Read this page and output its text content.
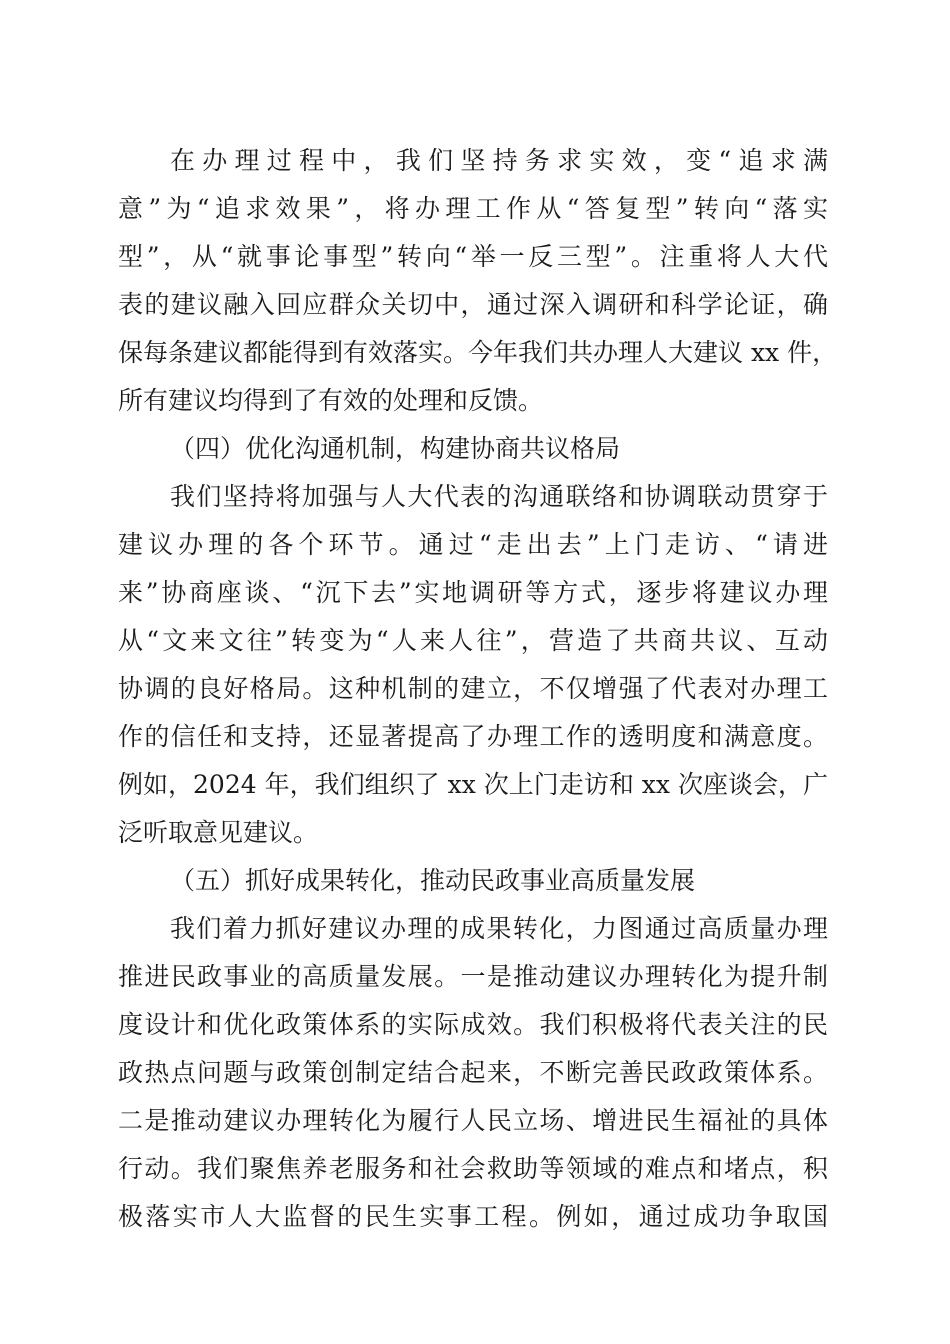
在办理过程中，我们坚持务求实效，变“追求满
意”为“追求效果”，将办理工作从“答复型”转向“落实
型”，从“就事论事型”转向“举一反三型”。注重将人大代
表的建议融入回应群众关切中，通过深入调研和科学论证，确
保每条建议都能得到有效落实。今年我们共办理人大建议 xx 件，
所有建议均得到了有效的处理和反馈。
（四）优化沟通机制，构建协商共议格局
我们坚持将加强与人大代表的沟通联络和协调联动贯穿于
建议办理的各个环节。通过“走出去”上门走访、“请进
来”协商座谈、“沉下去”实地调研等方式，逐步将建议办理
从“文来文往”转变为“人来人往”，营造了共商共议、互动
协调的良好格局。这种机制的建立，不仅增强了代表对办理工
作的信任和支持，还显著提高了办理工作的透明度和满意度。
例如，2024 年，我们组织了 xx 次上门走访和 xx 次座谈会，广
泛听取意见建议。
（五）抓好成果转化，推动民政事业高质量发展
我们着力抓好建议办理的成果转化，力图通过高质量办理
推进民政事业的高质量发展。一是推动建议办理转化为提升制
度设计和优化政策体系的实际成效。我们积极将代表关注的民
政热点问题与政策创制定结合起来，不断完善民政政策体系。
二是推动建议办理转化为履行人民立场、增进民生福祉的具体
行动。我们聚焦养老服务和社会救助等领域的难点和堵点，积
极落实市人大监督的民生实事工程。例如，通过成功争取国
